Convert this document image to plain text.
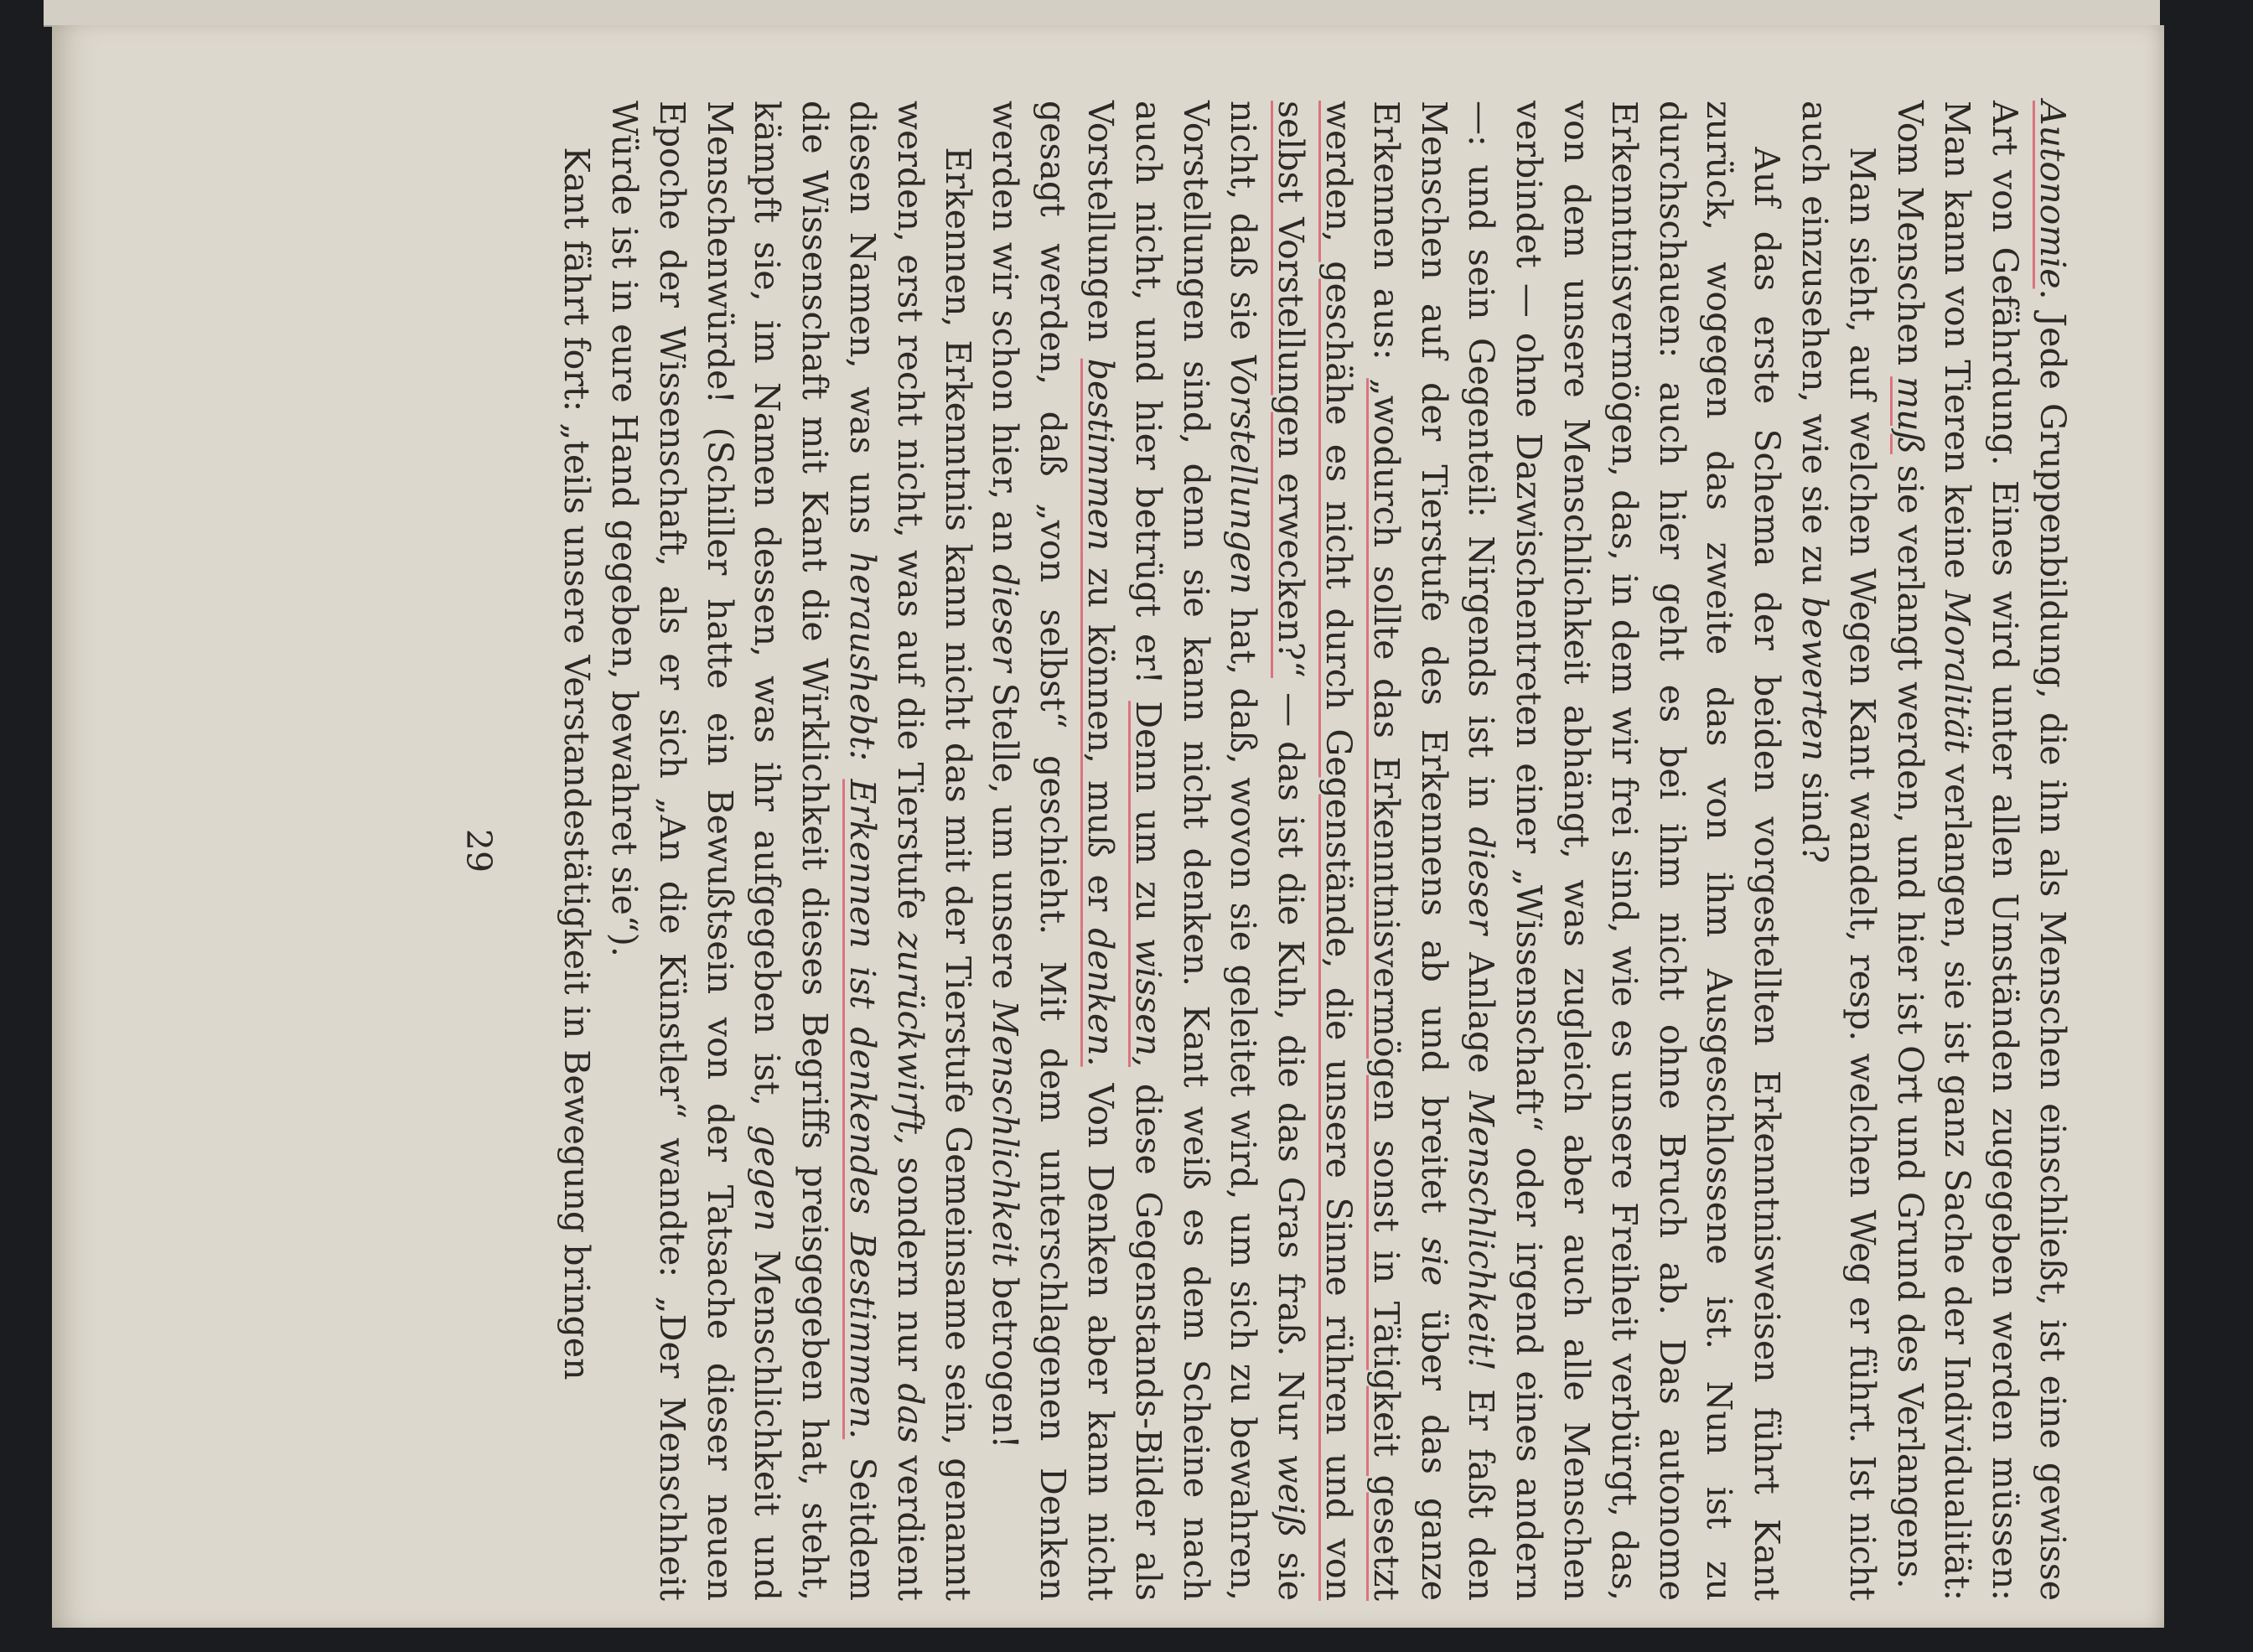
Autonomie. Jede Gruppenbildung, die ihn als Menschen einschließt, ist eine gewisse Art von Gefährdung. Eines wird unter allen Umständen zugegeben werden müssen: Man kann von Tieren keine Moralität verlangen, sie ist ganz Sache der Individualität: Vom Menschen muß sie verlangt werden, und hier ist Ort und Grund des Verlangens.

Man sieht, auf welchen Wegen Kant wandelt, resp. welchen Weg er führt. Ist nicht auch einzusehen, wie sie zu bewerten sind?

Auf das erste Schema der beiden vorgestellten Erkenntnisweisen führt Kant zurück, wogegen das zweite das von ihm Ausgeschlossene ist. Nun ist zu durchschauen: auch hier geht es bei ihm nicht ohne Bruch ab. Das autonome Erkenntnisvermögen, das, in dem wir frei sind, wie es unsere Freiheit verbürgt, das, von dem unsere Menschlichkeit abhängt, was zugleich aber auch alle Menschen verbindet — ohne Dazwischentreten einer „Wissenschaft“ oder irgend eines andern —: und sein Gegenteil: Nirgends ist in dieser Anlage Menschlichkeit! Er faßt den Menschen auf der Tierstufe des Erkennens ab und breitet sie über das ganze Erkennen aus: „wodurch sollte das Erkenntnisvermögen sonst in Tätigkeit gesetzt werden, geschähe es nicht durch Gegenstände, die unsere Sinne rühren und von selbst Vorstellungen erwecken?“ — das ist die Kuh, die das Gras fraß. Nur weiß sie nicht, daß sie Vorstellungen hat, daß, wovon sie geleitet wird, um sich zu bewahren, Vorstellungen sind, denn sie kann nicht denken. Kant weiß es dem Scheine nach auch nicht, und hier betrügt er! Denn um zu wissen, diese Gegenstands-Bilder als Vorstellungen bestimmen zu können, muß er denken. Von Denken aber kann nicht gesagt werden, daß „von selbst“ geschieht. Mit dem unterschlagenen Denken werden wir schon hier, an dieser Stelle, um unsere Menschlichkeit betrogen!

Erkennen, Erkenntnis kann nicht das mit der Tierstufe Gemeinsame sein, genannt werden, erst recht nicht, was auf die Tierstufe zurückwirft, sondern nur das verdient diesen Namen, was uns heraushebt: Erkennen ist denkendes Bestimmen. Seitdem die Wissenschaft mit Kant die Wirklichkeit dieses Begriffs preisgegeben hat, steht, kämpft sie, im Namen dessen, was ihr aufgegeben ist, gegen Menschlichkeit und Menschenwürde! (Schiller hatte ein Bewußtsein von der Tatsache dieser neuen Epoche der Wissenschaft, als er sich „An die Künstler“ wandte: „Der Menschheit Würde ist in eure Hand gegeben, bewahret sie“).

Kant fährt fort: „teils unsere Verstandestätigkeit in Bewegung bringen

29
